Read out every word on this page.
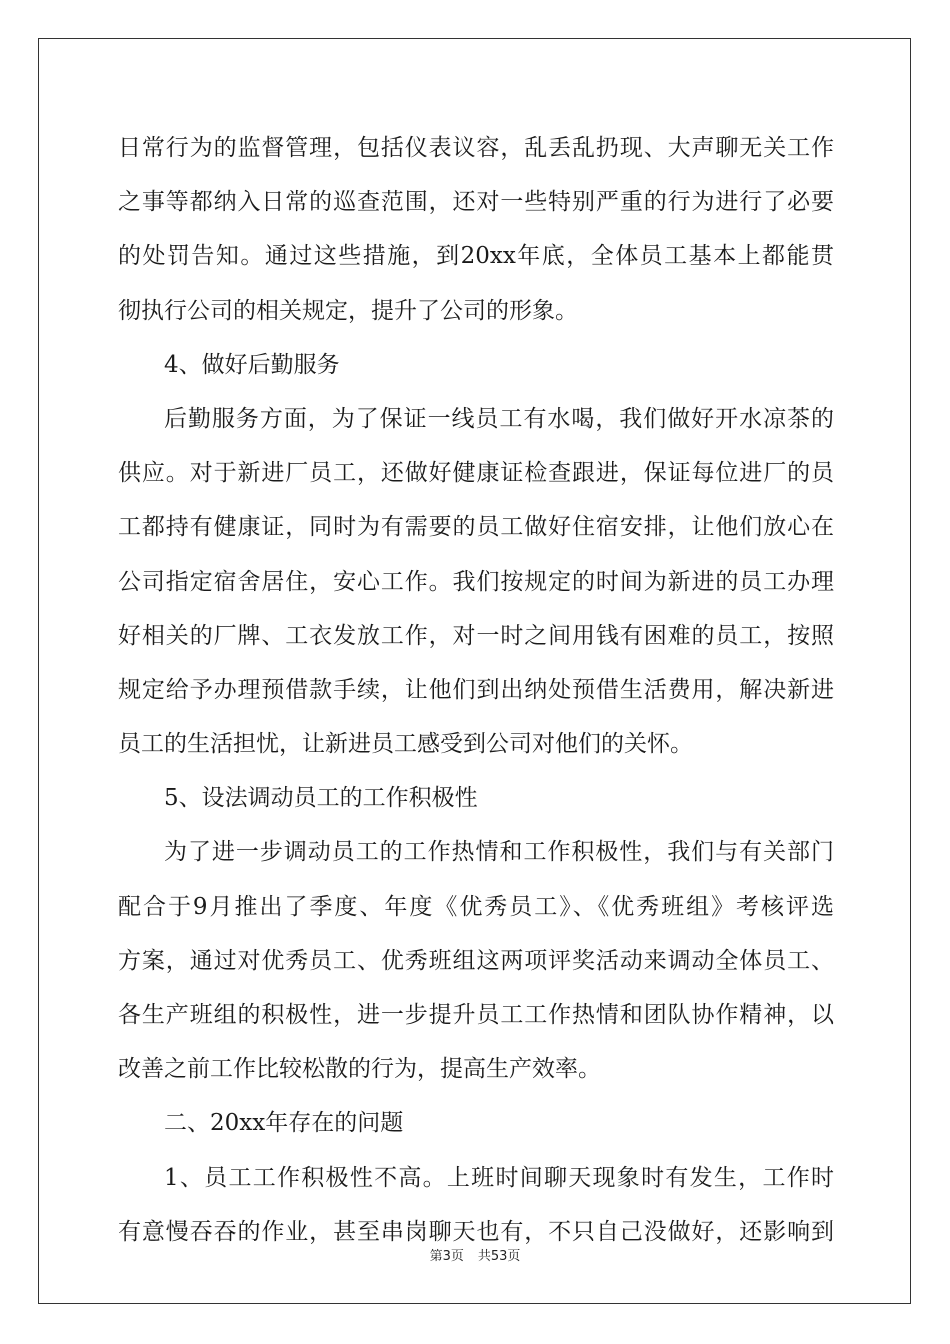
日常行为的监督管理，包括仪表议容，乱丢乱扔现、大声聊无关工作
之事等都纳入日常的巡查范围，还对一些特别严重的行为进行了必要
的处罚告知。通过这些措施，到20xx年底，全体员工基本上都能贯
彻执行公司的相关规定，提升了公司的形象。
4、做好后勤服务
后勤服务方面，为了保证一线员工有水喝，我们做好开水凉茶的
供应。对于新进厂员工，还做好健康证检查跟进，保证每位进厂的员
工都持有健康证，同时为有需要的员工做好住宿安排，让他们放心在
公司指定宿舍居住，安心工作。我们按规定的时间为新进的员工办理
好相关的厂牌、工衣发放工作，对一时之间用钱有困难的员工，按照
规定给予办理预借款手续，让他们到出纳处预借生活费用，解决新进
员工的生活担忧，让新进员工感受到公司对他们的关怀。
5、设法调动员工的工作积极性
为了进一步调动员工的工作热情和工作积极性，我们与有关部门
配合于9月推出了季度、年度《优秀员工》、《优秀班组》考核评选
方案，通过对优秀员工、优秀班组这两项评奖活动来调动全体员工、
各生产班组的积极性，进一步提升员工工作热情和团队协作精神，以
改善之前工作比较松散的行为，提高生产效率。
二、20xx年存在的问题
1、员工工作积极性不高。上班时间聊天现象时有发生，工作时
有意慢吞吞的作业，甚至串岗聊天也有，不只自己没做好，还影响到
第3页 共53页
